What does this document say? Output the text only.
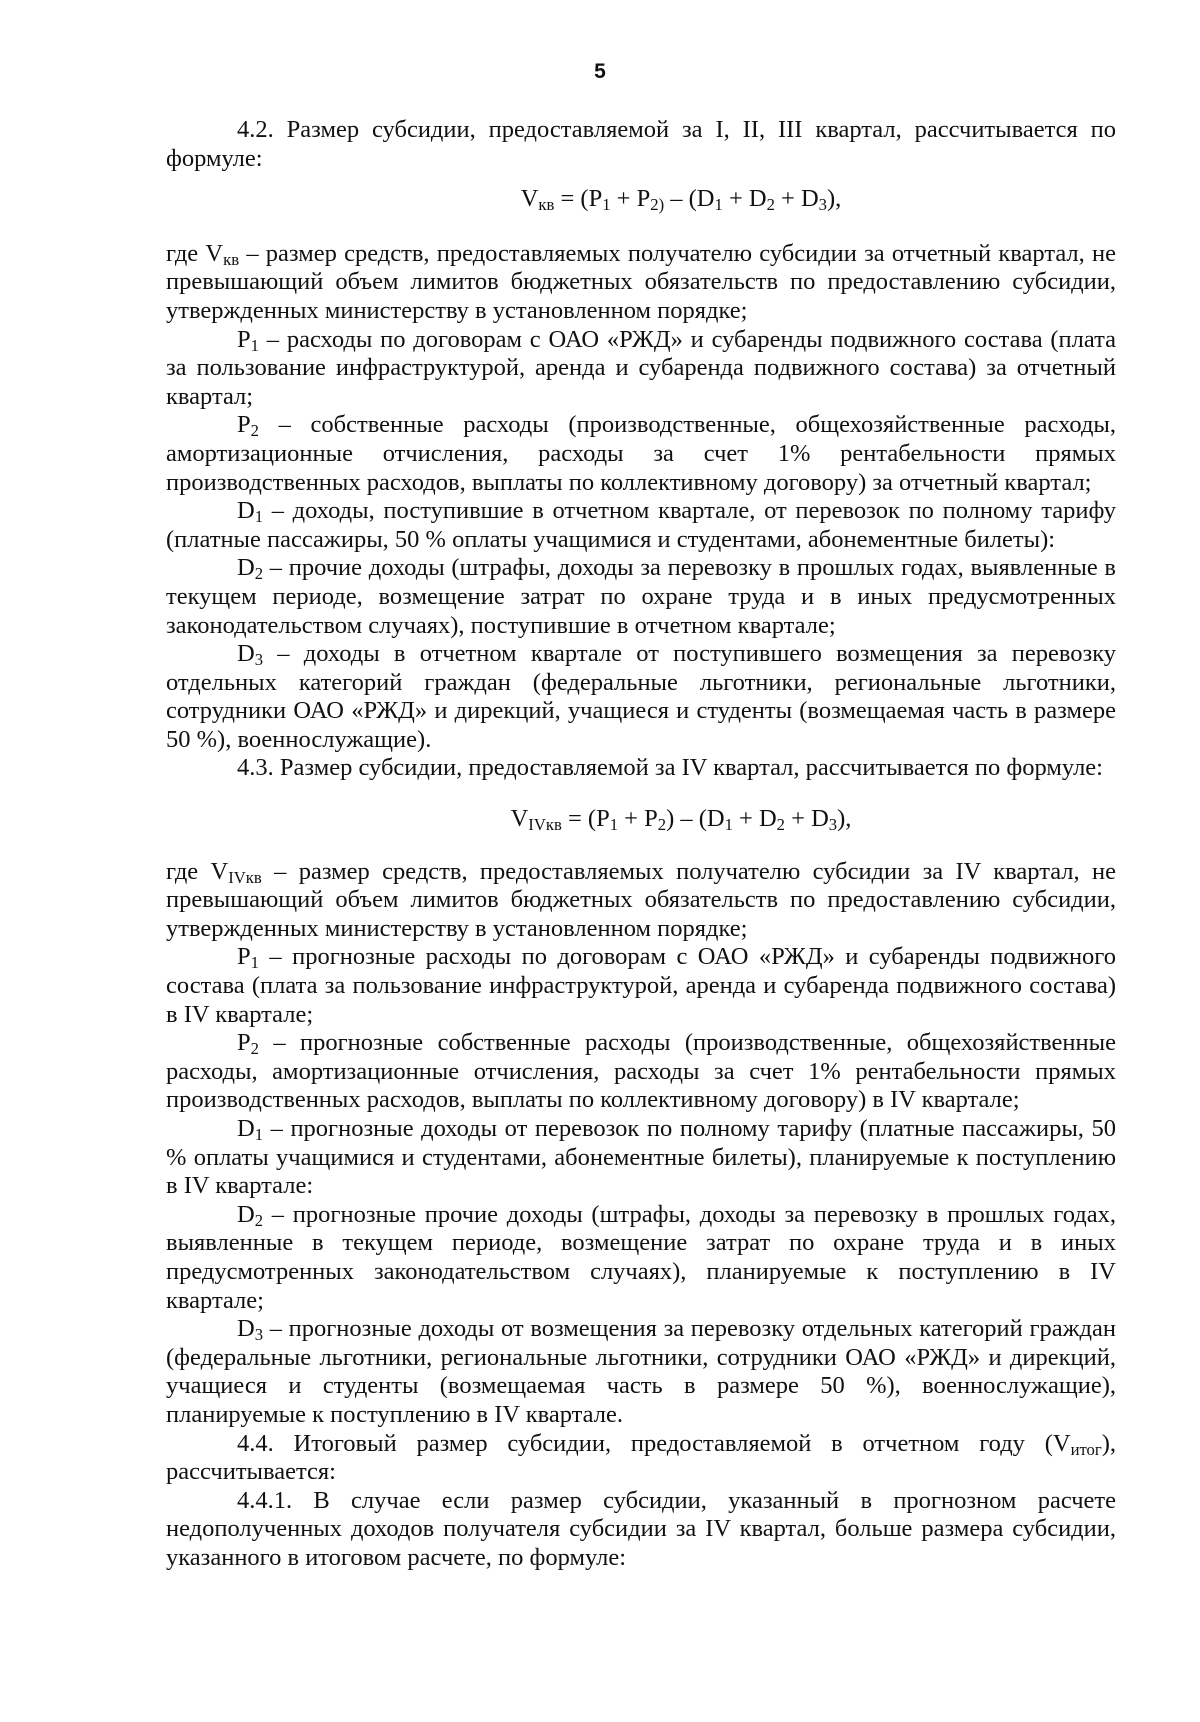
5

4.2. Размер субсидии, предоставляемой за I, II, III квартал, рассчитывается по формуле:

$V_{кв} = (P_1 + P_{2)} - (D_1 + D_2 + D_3)$,

где $V_{кв}$ – размер средств, предоставляемых получателю субсидии за отчетный квартал, не превышающий объем лимитов бюджетных обязательств по предоставлению субсидии, утвержденных министерству в установленном порядке;

$P_1$ – расходы по договорам с ОАО «РЖД» и субаренды подвижного состава (плата за пользование инфраструктурой, аренда и субаренда подвижного состава) за отчетный квартал;

$P_2$ – собственные расходы (производственные, общехозяйственные расходы, амортизационные отчисления, расходы за счет 1% рентабельности прямых производственных расходов, выплаты по коллективному договору) за отчетный квартал;

$D_1$ – доходы, поступившие в отчетном квартале, от перевозок по полному тарифу (платные пассажиры, 50 % оплаты учащимися и студентами, абонементные билеты):

$D_2$ – прочие доходы (штрафы, доходы за перевозку в прошлых годах, выявленные в текущем периоде, возмещение затрат по охране труда и в иных предусмотренных законодательством случаях), поступившие в отчетном квартале;

$D_3$ – доходы в отчетном квартале от поступившего возмещения за перевозку отдельных категорий граждан (федеральные льготники, региональные льготники, сотрудники ОАО «РЖД» и дирекций, учащиеся и студенты (возмещаемая часть в размере 50 %), военнослужащие).

4.3. Размер субсидии, предоставляемой за IV квартал, рассчитывается по формуле:

$V_{IVкв} = (P_1 + P_2) - (D_1 + D_2 + D_3)$,

где $V_{IVкв}$ – размер средств, предоставляемых получателю субсидии за IV квартал, не превышающий объем лимитов бюджетных обязательств по предоставлению субсидии, утвержденных министерству в установленном порядке;

$P_1$ – прогнозные расходы по договорам с ОАО «РЖД» и субаренды подвижного состава (плата за пользование инфраструктурой, аренда и субаренда подвижного состава) в IV квартале;

$P_2$ – прогнозные собственные расходы (производственные, общехозяйственные расходы, амортизационные отчисления, расходы за счет 1% рентабельности прямых производственных расходов, выплаты по коллективному договору) в IV квартале;

$D_1$ – прогнозные доходы от перевозок по полному тарифу (платные пассажиры, 50 % оплаты учащимися и студентами, абонементные билеты), планируемые к поступлению в IV квартале:

$D_2$ – прогнозные прочие доходы (штрафы, доходы за перевозку в прошлых годах, выявленные в текущем периоде, возмещение затрат по охране труда и в иных предусмотренных законодательством случаях), планируемые к поступлению в IV квартале;

$D_3$ – прогнозные доходы от возмещения за перевозку отдельных категорий граждан (федеральные льготники, региональные льготники, сотрудники ОАО «РЖД» и дирекций, учащиеся и студенты (возмещаемая часть в размере 50 %), военнослужащие), планируемые к поступлению в IV квартале.

4.4. Итоговый размер субсидии, предоставляемой в отчетном году $(V_{итог})$, рассчитывается:

4.4.1. В случае если размер субсидии, указанный в прогнозном расчете недополученных доходов получателя субсидии за IV квартал, больше размера субсидии, указанного в итоговом расчете, по формуле:
